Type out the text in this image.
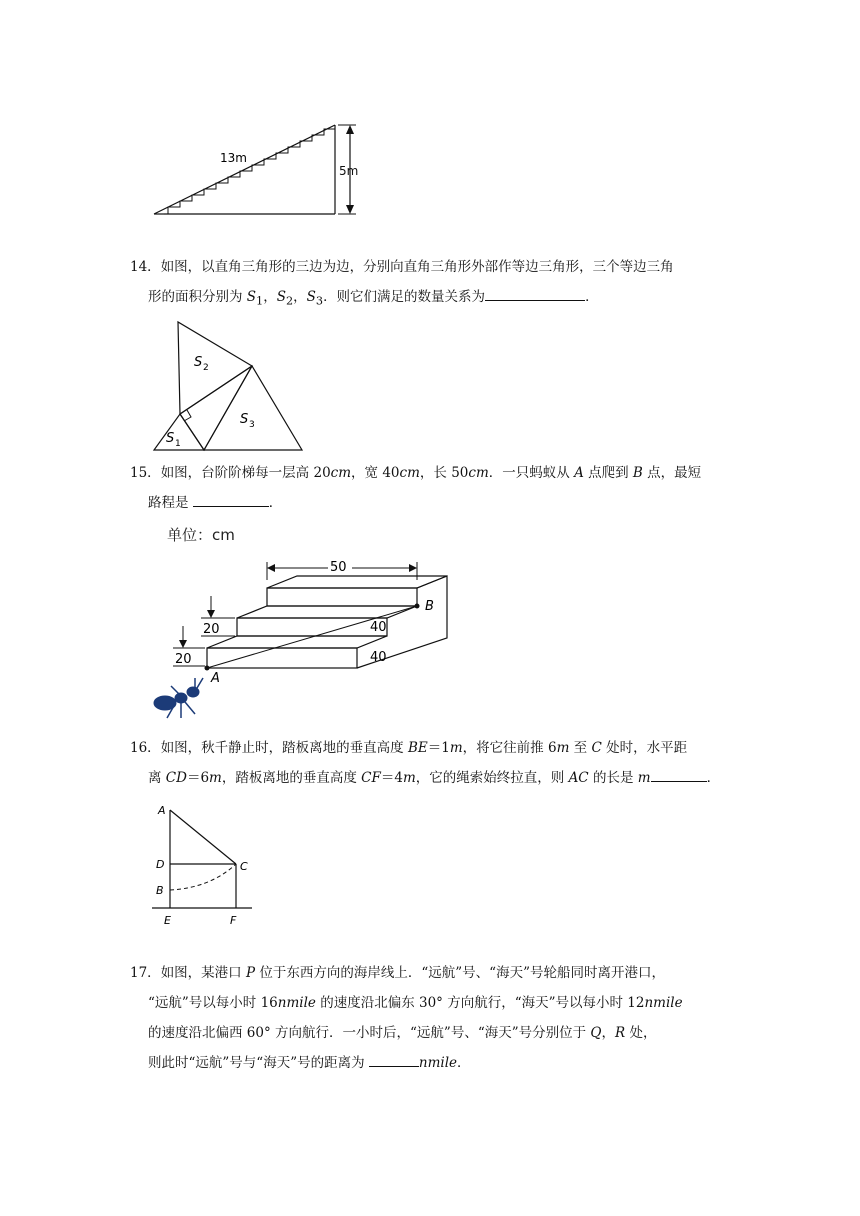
13m
5m
14．如图，以直角三角形的三边为边，分别向直角三角形外部作等边三角形，三个等边三角
形的面积分别为 $S_1$，$S_2$，$S_3$．则它们满足的数量关系为	．
S 2
S 3
S 1
15．如图，台阶阶梯每一层高 20cm，宽 40cm，长 50cm．一只蚂蚁从 A 点爬到 B 点，最短
路程是	．
单位：cm
50
40
40
20
20
A
B
16．如图，秋千静止时，踏板离地的垂直高度 BE＝1m，将它往前推 6m 至 C 处时，水平距
离 CD＝6m，踏板离地的垂直高度 CF＝4m，它的绳索始终拉直，则 AC 的长是 m	．
A
D
B
E
C
F
17．如图，某港口 P 位于东西方向的海岸线上．“远航”号、“海天”号轮船同时离开港口，
“远航”号以每小时 16nmile 的速度沿北偏东 30° 方向航行，“海天”号以每小时 12nmile
的速度沿北偏西 60° 方向航行．一小时后，“远航”号、“海天”号分别位于 Q，R 处，
则此时“远航”号与“海天”号的距离为	nmile．
